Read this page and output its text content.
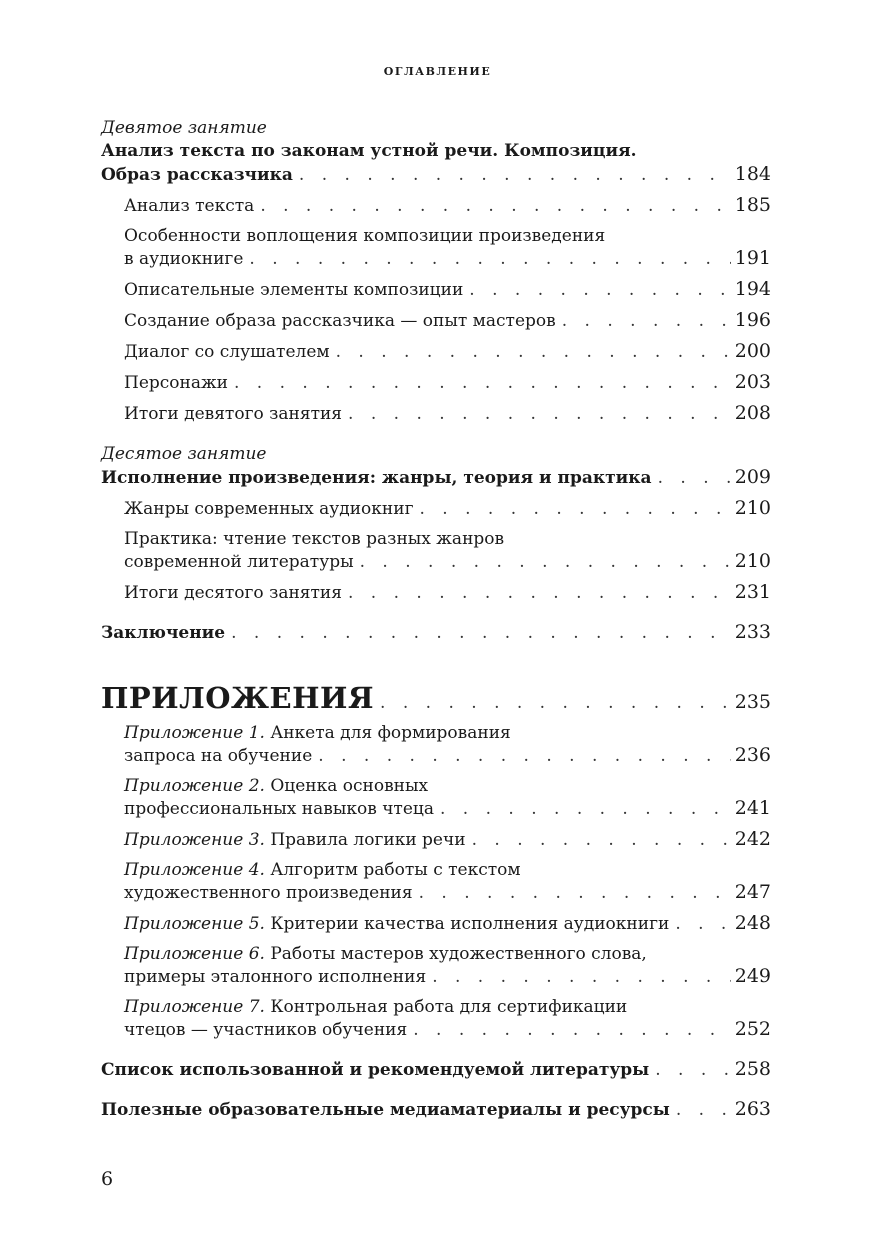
ОГЛАВЛЕНИЕ
Девятое занятие
Анализ текста по законам устной речи. Композиция.
Образ рассказчика . . .	184
Анализ текста . . .	185
Особенности воплощения композиции произведения
в аудиокниге . . .	191
Описательные элементы композиции . . .	194
Создание образа рассказчика — опыт мастеров . . .	196
Диалог со слушателем . . .	200
Персонажи . . .	203
Итоги девятого занятия . . .	208
Десятое занятие
Исполнение произведения: жанры, теория и практика . . .	209
Жанры современных аудиокниг . . .	210
Практика: чтение текстов разных жанров
современной литературы . . .	210
Итоги десятого занятия . . .	231
Заключение . . .	233
ПРИЛОЖЕНИЯ . . .	235
Приложение 1. Анкета для формирования
запроса на обучение . . .	236
Приложение 2. Оценка основных
профессиональных навыков чтеца . . .	241
Приложение 3. Правила логики речи . . .	242
Приложение 4. Алгоритм работы с текстом
художественного произведения . . .	247
Приложение 5. Критерии качества исполнения аудиокниги . . .	248
Приложение 6. Работы мастеров художественного слова,
примеры эталонного исполнения . . .	249
Приложение 7. Контрольная работа для сертификации
чтецов — участников обучения . . .	252
Список использованной и рекомендуемой литературы . . .	258
Полезные образовательные медиаматериалы и ресурсы . . .	263
6
